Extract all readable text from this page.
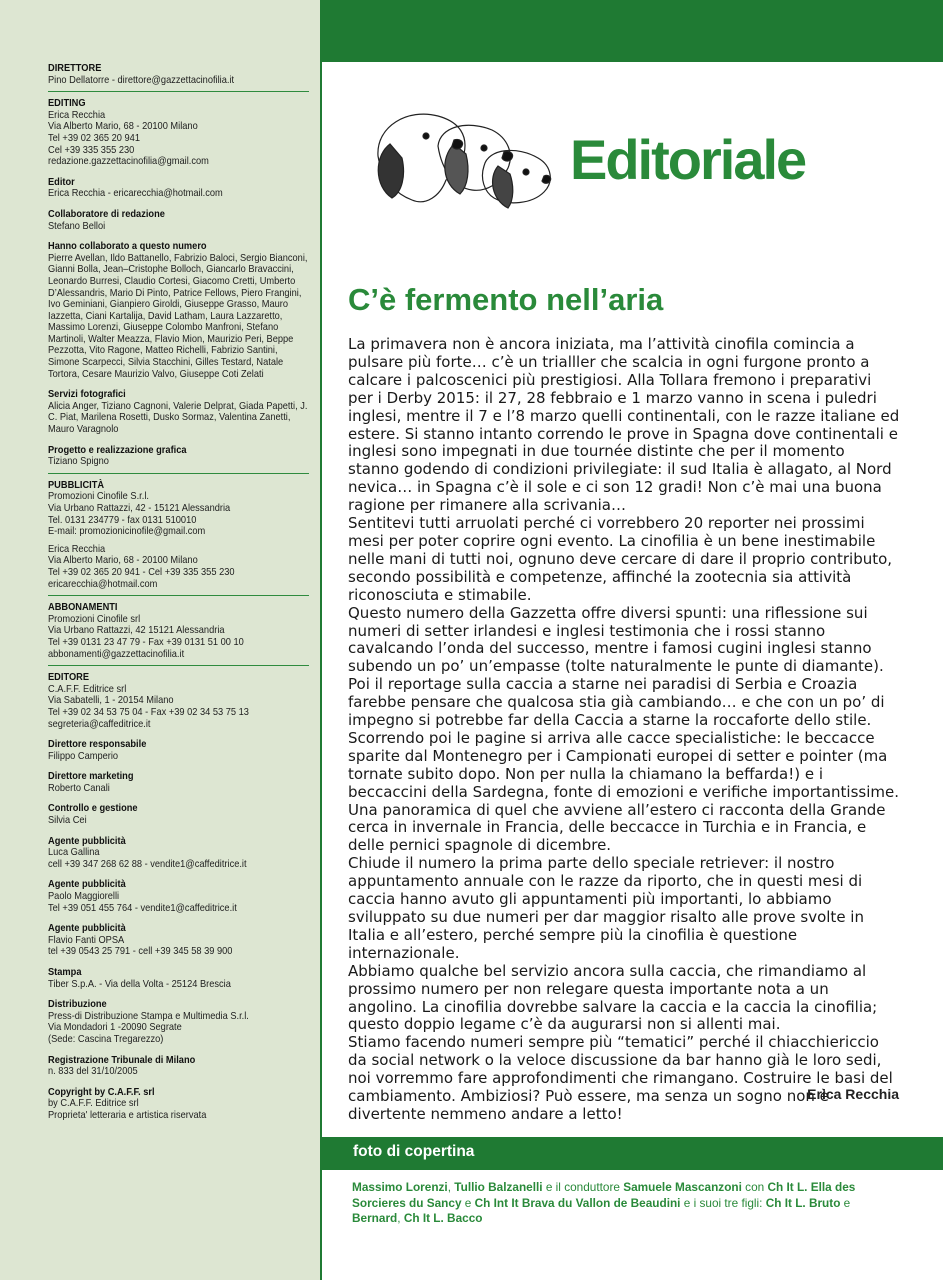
DIRETTORE
Pino Dellatorre - direttore@gazzettacinofilia.it
EDITING
Erica Recchia
Via Alberto Mario, 68 - 20100 Milano
Tel +39 02 365 20 941
Cel +39 335 355 230
redazione.gazzettacinofilia@gmail.com
Editor
Erica Recchia - ericarecchia@hotmail.com
Collaboratore di redazione
Stefano Belloi
Hanno collaborato a questo numero
Pierre Avellan, Ildo Battanello, Fabrizio Baloci, Sergio Bianconi, Gianni Bolla, Jean–Cristophe Bolloch, Giancarlo Bravaccini, Leonardo Burresi, Claudio Cortesi, Giacomo Cretti, Umberto D’Alessandris, Mario Di Pinto, Patrice Fellows, Piero Frangini, Ivo Geminiani, Gianpiero Giroldi, Giuseppe Grasso, Mauro Iazzetta, Ciani Kartalija, David Latham, Laura Lazzaretto, Massimo Lorenzi, Giuseppe Colombo Manfroni, Stefano Martinoli, Walter Meazza, Flavio Mion, Maurizio Peri, Beppe Pezzotta, Vito Ragone, Matteo Richelli, Fabrizio Santini, Simone Scarpecci, Silvia Stacchini, Gilles Testard, Natale Tortora, Cesare Maurizio Valvo, Giuseppe Coti Zelati
Servizi fotografici
Alicia Anger, Tiziano Cagnoni, Valerie Delprat, Giada Papetti, J. C. Piat, Marilena Rosetti, Dusko Sormaz, Valentina Zanetti, Mauro Varagnolo
Progetto e realizzazione grafica
Tiziano Spigno
PUBBLICITÀ
Promozioni Cinofile S.r.l.
Via Urbano Rattazzi, 42 - 15121 Alessandria
Tel. 0131 234779 - fax 0131 510010
E-mail: promozionicinofile@gmail.com
Erica Recchia
Via Alberto Mario, 68 - 20100 Milano
Tel +39 02 365 20 941 - Cel +39 335 355 230
ericarecchia@hotmail.com
ABBONAMENTI
Promozioni Cinofile srl
Via Urbano Rattazzi, 42 15121 Alessandria
Tel +39 0131 23 47 79 - Fax +39 0131 51 00 10
abbonamenti@gazzettacinofilia.it
EDITORE
C.A.F.F. Editrice srl
Via Sabatelli, 1 - 20154 Milano
Tel +39 02 34 53 75 04 - Fax +39 02 34 53 75 13
segreteria@caffeditrice.it
Direttore responsabile
Filippo Camperio
Direttore marketing
Roberto Canali
Controllo e gestione
Silvia Cei
Agente pubblicità
Luca Gallina
cell +39 347 268 62 88 - vendite1@caffeditrice.it
Agente pubblicità
Paolo Maggiorelli
Tel +39 051 455 764 - vendite1@caffeditrice.it
Agente pubblicità
Flavio Fanti OPSA
tel +39 0543 25 791 - cell +39 345 58 39 900
Stampa
Tiber S.p.A. - Via della Volta - 25124 Brescia
Distribuzione
Press-di Distribuzione Stampa e Multimedia S.r.l.
Via Mondadori 1 -20090 Segrate
(Sede: Cascina Tregarezzo)
Registrazione Tribunale di Milano
n. 833 del 31/10/2005
Copyright by C.A.F.F. srl
by C.A.F.F. Editrice srl
Proprieta' letteraria e artistica riservata
Editoriale
C’è fermento nell’aria

La primavera non è ancora iniziata, ma l’attività cinofila comincia a pulsare più forte… c’è un trialller che scalcia in ogni furgone pronto a calcare i palcoscenici più prestigiosi. Alla Tollara fremono i preparativi per i Derby 2015: il 27, 28 febbraio e 1 marzo vanno in scena i puledri inglesi, mentre il 7 e l’8 marzo quelli continentali, con le razze italiane ed estere. Si stanno intanto correndo le prove in Spagna dove continentali e inglesi sono impegnati in due tournée distinte che per il momento stanno godendo di condizioni privilegiate: il sud Italia è allagato, al Nord nevica… in Spagna c’è il sole e ci son 12 gradi! Non c’è mai una buona ragione per rimanere alla scrivania…

Sentitevi tutti arruolati perché ci vorrebbero 20 reporter nei prossimi mesi per poter coprire ogni evento. La cinofilia è un bene inestimabile nelle mani di tutti noi, ognuno deve cercare di dare il proprio contributo, secondo possibilità e competenze, affinché la zootecnia sia attività riconosciuta e stimabile.

Questo numero della Gazzetta offre diversi spunti: una riflessione sui numeri di setter irlandesi e inglesi testimonia che i rossi stanno cavalcando l’onda del successo, mentre i famosi cugini inglesi stanno subendo un po’ un’empasse (tolte naturalmente le punte di diamante). Poi il reportage sulla caccia a starne nei paradisi di Serbia e Croazia farebbe pensare che qualcosa stia già cambiando… e che con un po’ di impegno si potrebbe far della Caccia a starne la roccaforte dello stile.

Scorrendo poi le pagine si arriva alle cacce specialistiche: le beccacce sparite dal Montenegro per i Campionati europei di setter e pointer (ma tornate subito dopo. Non per nulla la chiamano la beffarda!) e i beccaccini della Sardegna, fonte di emozioni e verifiche importantissime.

Una panoramica di quel che avviene all’estero ci racconta della Grande cerca in invernale in Francia, delle beccacce in Turchia e in Francia, e delle pernici spagnole di dicembre.

Chiude il numero la prima parte dello speciale retriever: il nostro appuntamento annuale con le razze da riporto, che in questi mesi di caccia hanno avuto gli appuntamenti più importanti, lo abbiamo sviluppato su due numeri per dar maggior risalto alle prove svolte in Italia e all’estero, perché sempre più la cinofilia è questione internazionale.

Abbiamo qualche bel servizio ancora sulla caccia, che rimandiamo al prossimo numero per non relegare questa importante nota a un angolino. La cinofilia dovrebbe salvare la caccia e la caccia la cinofilia; questo doppio legame c’è da augurarsi non si allenti mai.

Stiamo facendo numeri sempre più “tematici” perché il chiacchiericcio da social network o la veloce discussione da bar hanno già le loro sedi, noi vorremmo fare approfondimenti che rimangano. Costruire le basi del cambiamento. Ambiziosi? Può essere, ma senza un sogno non è divertente nemmeno andare a letto!

Erica Recchia
foto di copertina
Massimo Lorenzi, Tullio Balzanelli e il conduttore Samuele Mascanzoni con Ch It L. Ella des Sorcieres du Sancy e Ch Int It Brava du Vallon de Beaudini e i suoi tre figli: Ch It L. Bruto e Bernard, Ch It L. Bacco
